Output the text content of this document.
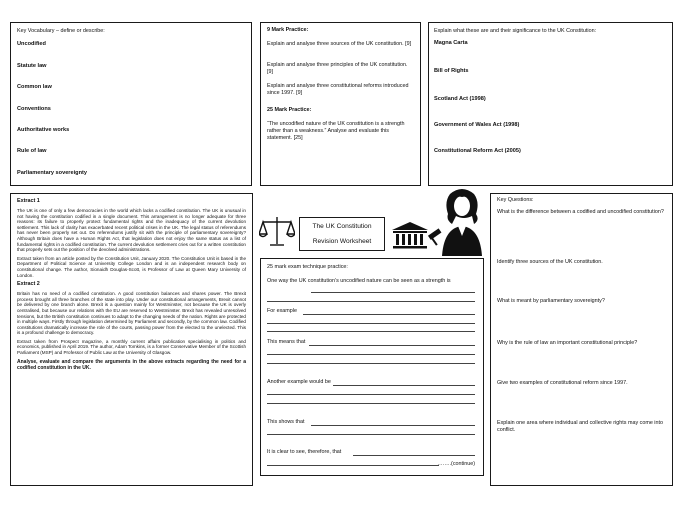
Key Vocabulary – define or describe:
Uncodified
Statute law
Common law
Conventions
Authoritative works
Rule of law
Parliamentary sovereignty
9 Mark Practice:
Explain and analyse three sources of the UK constitution. [9]
Explain and analyse three principles of the UK constitution. [9]
Explain and analyse three constitutional reforms introduced since 1997. [9]
25 Mark Practice:
“The uncodified nature of the UK constitution is a strength rather than a weakness.” Analyse and evaluate this statement. [25]
Explain what these are and their significance to the UK Constitution:
Magna Carta
Bill of Rights
Scotland Act (1998)
Government of Wales Act (1998)
Constitutional Reform Act (2005)
Extract 1

The UK is one of only a few democracies in the world which lacks a codified constitution. The UK is unusual in not having the constitution codified in a single document. This arrangement is no longer adequate for three reasons: its failure to properly protect fundamental rights and the inadequacy of the current devolution settlement. This lack of clarity has exacerbated recent political crises in the UK. The legal status of referendums has never been properly set out. Do referendums justify sit with the principle of parliamentary sovereignty? Although Britain does have a Human Rights Act, that legislation does not enjoy the same status as a list of fundamental rights in a codified constitution. The current devolution settlement cries out for a written constitution that properly sets out the position of the devolved administrations.

Extract taken from an article posted by the Constitution Unit, January 2020. The Constitution Unit is based in the Department of Political Science at University College London and is an independent research body on constitutional change. The author, Sionaidh Douglas-Scott, is Professor of Law at Queen Mary University of London.

Extract 2

Britain has no need of a codified constitution. A good constitution balances and shares power. The Brexit process brought all three branches of the state into play. Under our constitutional arrangements, Brexit cannot be delivered by one branch alone. Brexit is a question mainly for Westminster, not because the UK is overly centralised, but because our relations with the EU are reserved to Westminster. Brexit has revealed unresolved tensions, but the British constitution continues to adapt to the changing needs of the nation. Rights are protected in multiple ways. Firstly through legislation determined by Parliament and secondly, by the common law. Codified constitutions dramatically increase the role of the courts, passing power from the elected to the unelected. This is a profound challenge to democracy.

Extract taken from Prospect magazine, a monthly current affairs publication specialising in politics and economics, published in April 2019. The author, Adam Tomkins, is a former Conservative Member of the Scottish Parliament (MSP) and Professor of Public Law at the University of Glasgow.

Analyse, evaluate and compare the arguments in the above extracts regarding the need for a codified constitution in the UK.

The UK Constitution
Revision Worksheet
25 mark exam technique practice:
One way the UK constitution’s uncodified nature can be seen as a strength is
For example
This means that
Another example would be
This shows that
It is clear to see, therefore, that
……..(continue)
Key Questions:
What is the difference between a codified and uncodified constitution?
Identify three sources of the UK constitution.
What is meant by parliamentary sovereignty?
Why is the rule of law an important constitutional principle?
Give two examples of constitutional reform since 1997.
Explain one area where individual and collective rights may come into conflict.
